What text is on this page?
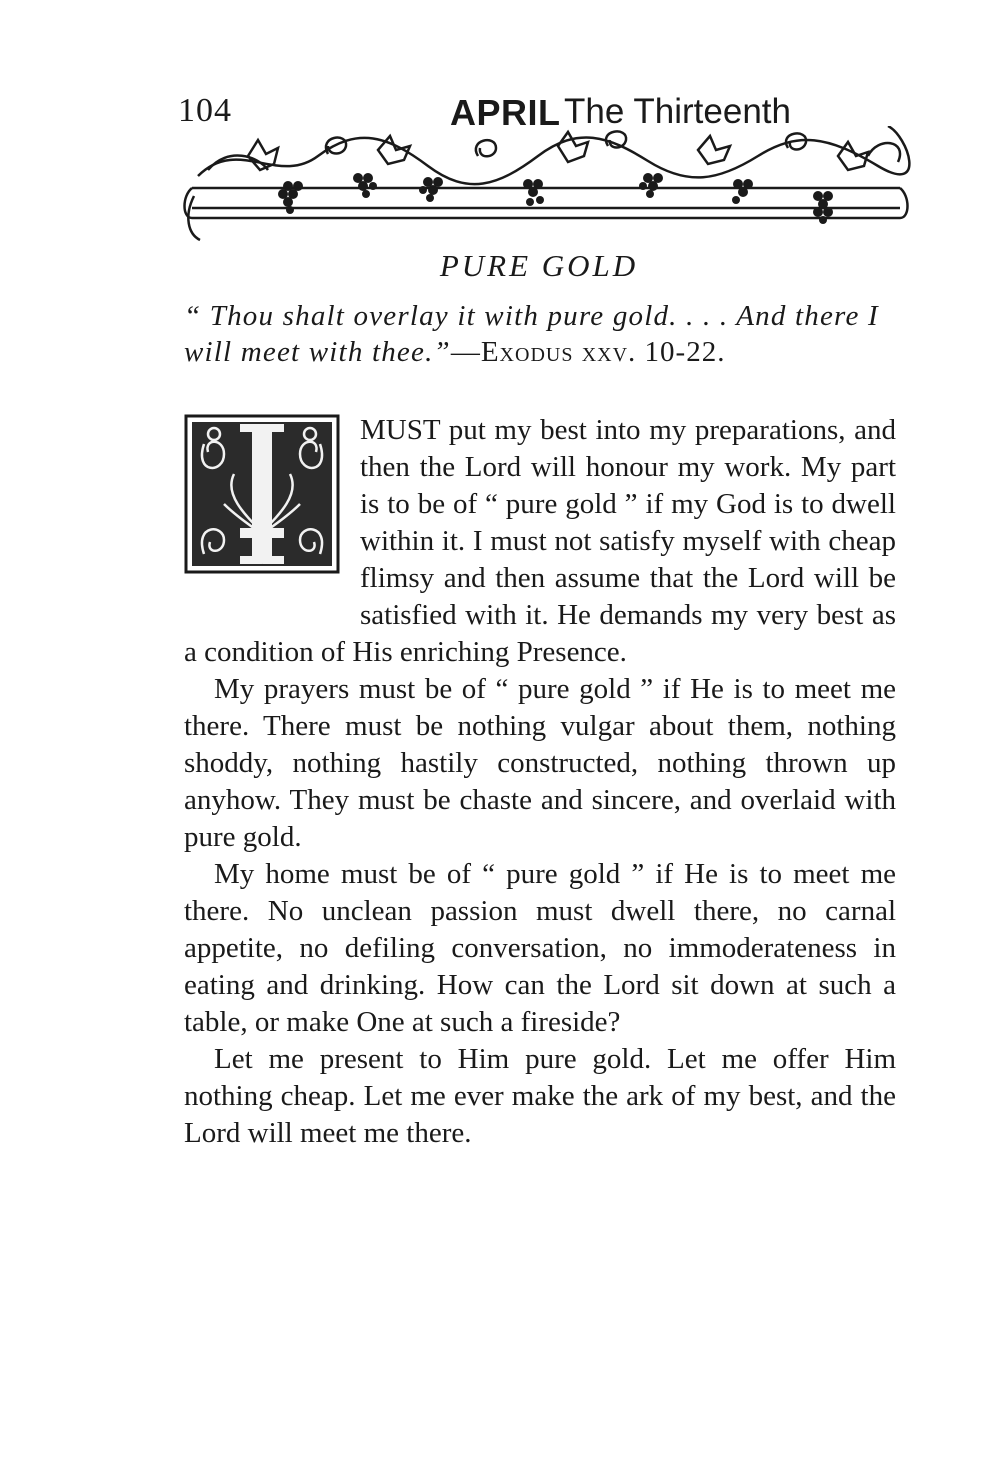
104	APRIL The Thirteenth
PURE GOLD
“ Thou shalt overlay it with pure gold. . . . And there I will meet with thee.”—Exodus xxv. 10-22.
I

MUST put my best into my preparations, and then the Lord will honour my work. My part is to be of “ pure gold ” if my God is to dwell within it. I must not satisfy myself with cheap flimsy and then assume that the Lord will be satisfied with it. He demands my very best as a condition of His enriching Presence.

My prayers must be of “ pure gold ” if He is to meet me there. There must be nothing vulgar about them, nothing shoddy, nothing hastily constructed, nothing thrown up anyhow. They must be chaste and sincere, and overlaid with pure gold.

My home must be of “ pure gold ” if He is to meet me there. No unclean passion must dwell there, no carnal appetite, no defiling conversation, no immoderateness in eating and drinking. How can the Lord sit down at such a table, or make One at such a fireside?

Let me present to Him pure gold. Let me offer Him nothing cheap. Let me ever make the ark of my best, and the Lord will meet me there.
